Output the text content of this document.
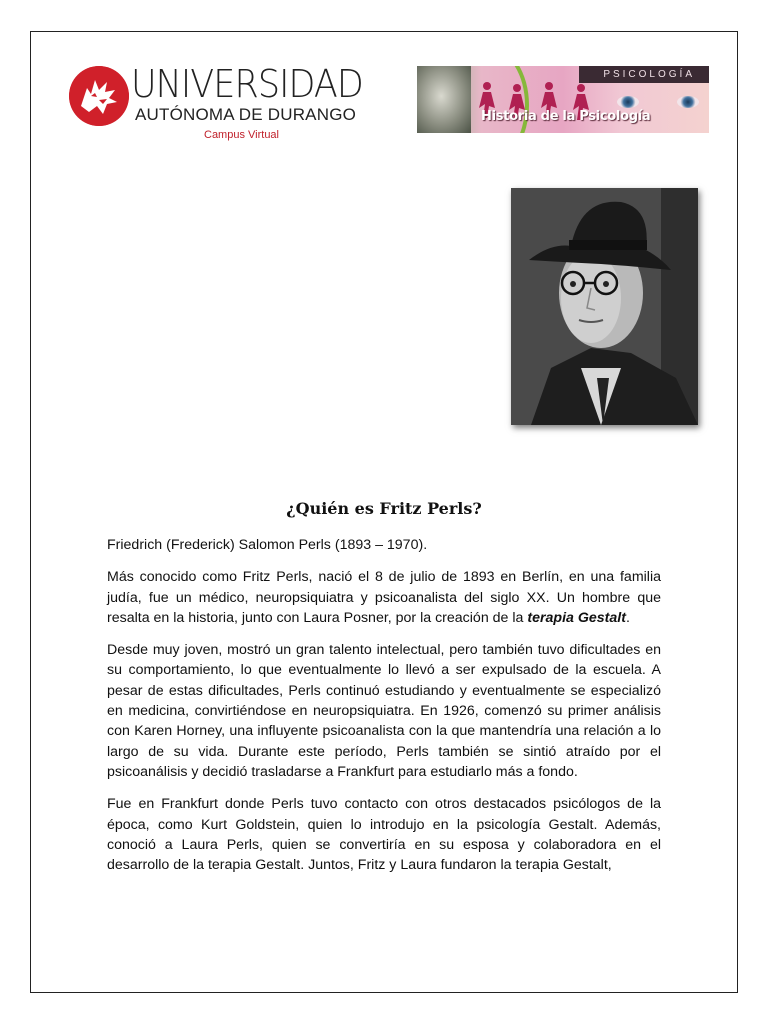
UNIVERSIDAD
AUTÓNOMA DE DURANGO
Campus Virtual
PSICOLOGÍA
Historia de la Psicología
¿Quién es Fritz Perls?

Friedrich (Frederick) Salomon Perls (1893 – 1970).

Más conocido como Fritz Perls, nació el 8 de julio de 1893 en Berlín, en una familia judía, fue un médico, neuropsiquiatra y psicoanalista del siglo XX. Un hombre que resalta en la historia, junto con Laura Posner, por la creación de la terapia Gestalt.

Desde muy joven, mostró un gran talento intelectual, pero también tuvo dificultades en su comportamiento, lo que eventualmente lo llevó a ser expulsado de la escuela. A pesar de estas dificultades, Perls continuó estudiando y eventualmente se especializó en medicina, convirtiéndose en neuropsiquiatra. En 1926, comenzó su primer análisis con Karen Horney, una influyente psicoanalista con la que mantendría una relación a lo largo de su vida. Durante este período, Perls también se sintió atraído por el psicoanálisis y decidió trasladarse a Frankfurt para estudiarlo más a fondo.

Fue en Frankfurt donde Perls tuvo contacto con otros destacados psicólogos de la época, como Kurt Goldstein, quien lo introdujo en la psicología Gestalt. Además, conoció a Laura Perls, quien se convertiría en su esposa y colaboradora en el desarrollo de la terapia Gestalt. Juntos, Fritz y Laura fundaron la terapia Gestalt,
